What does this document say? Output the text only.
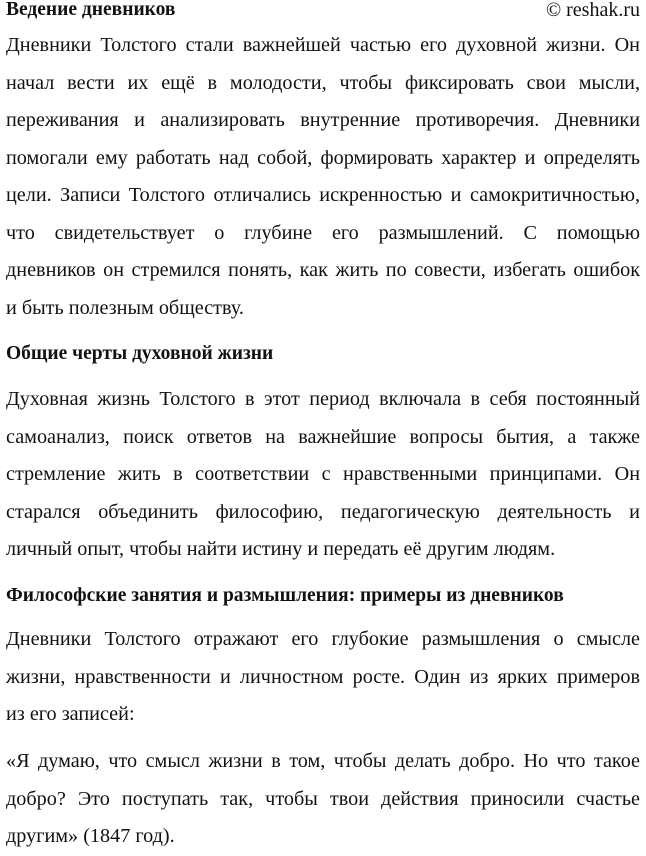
Ведение дневников	© reshak.ru
Дневники Толстого стали важнейшей частью его духовной жизни. Он
начал вести их ещё в молодости, чтобы фиксировать свои мысли,
переживания и анализировать внутренние противоречия. Дневники
помогали ему работать над собой, формировать характер и определять
цели. Записи Толстого отличались искренностью и самокритичностью,
что свидетельствует о глубине его размышлений. С помощью
дневников он стремился понять, как жить по совести, избегать ошибок
и быть полезным обществу.
Общие черты духовной жизни
Духовная жизнь Толстого в этот период включала в себя постоянный
самоанализ, поиск ответов на важнейшие вопросы бытия, а также
стремление жить в соответствии с нравственными принципами. Он
старался объединить философию, педагогическую деятельность и
личный опыт, чтобы найти истину и передать её другим людям.
Философские занятия и размышления: примеры из дневников
Дневники Толстого отражают его глубокие размышления о смысле
жизни, нравственности и личностном росте. Один из ярких примеров
из его записей:
«Я думаю, что смысл жизни в том, чтобы делать добро. Но что такое
добро? Это поступать так, чтобы твои действия приносили счастье
другим» (1847 год).
